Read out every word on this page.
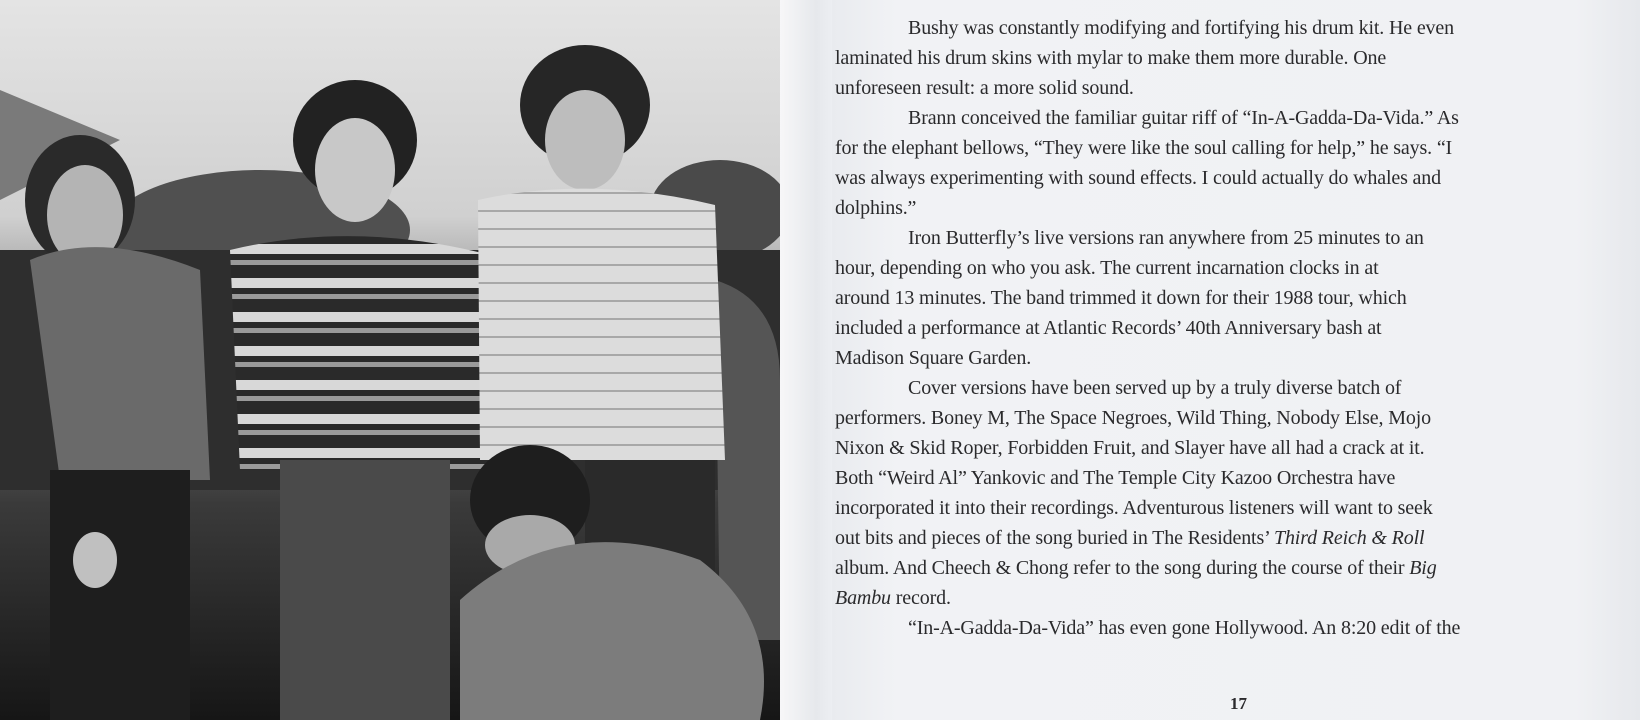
Bushy was constantly modifying and fortifying his drum kit. He even
laminated his drum skins with mylar to make them more durable. One
unforeseen result: a more solid sound.
Brann conceived the familiar guitar riff of “In-A-Gadda-Da-Vida.” As
for the elephant bellows, “They were like the soul calling for help,” he says. “I
was always experimenting with sound effects. I could actually do whales and
dolphins.”
Iron Butterfly’s live versions ran anywhere from 25 minutes to an
hour, depending on who you ask. The current incarnation clocks in at
around 13 minutes. The band trimmed it down for their 1988 tour, which
included a performance at Atlantic Records’ 40th Anniversary bash at
Madison Square Garden.
Cover versions have been served up by a truly diverse batch of
performers. Boney M, The Space Negroes, Wild Thing, Nobody Else, Mojo
Nixon & Skid Roper, Forbidden Fruit, and Slayer have all had a crack at it.
Both “Weird Al” Yankovic and The Temple City Kazoo Orchestra have
incorporated it into their recordings. Adventurous listeners will want to seek
out bits and pieces of the song buried in The Residents’ Third Reich & Roll
album. And Cheech & Chong refer to the song during the course of their Big
Bambu record.
“In-A-Gadda-Da-Vida” has even gone Hollywood. An 8:20 edit of the
17
